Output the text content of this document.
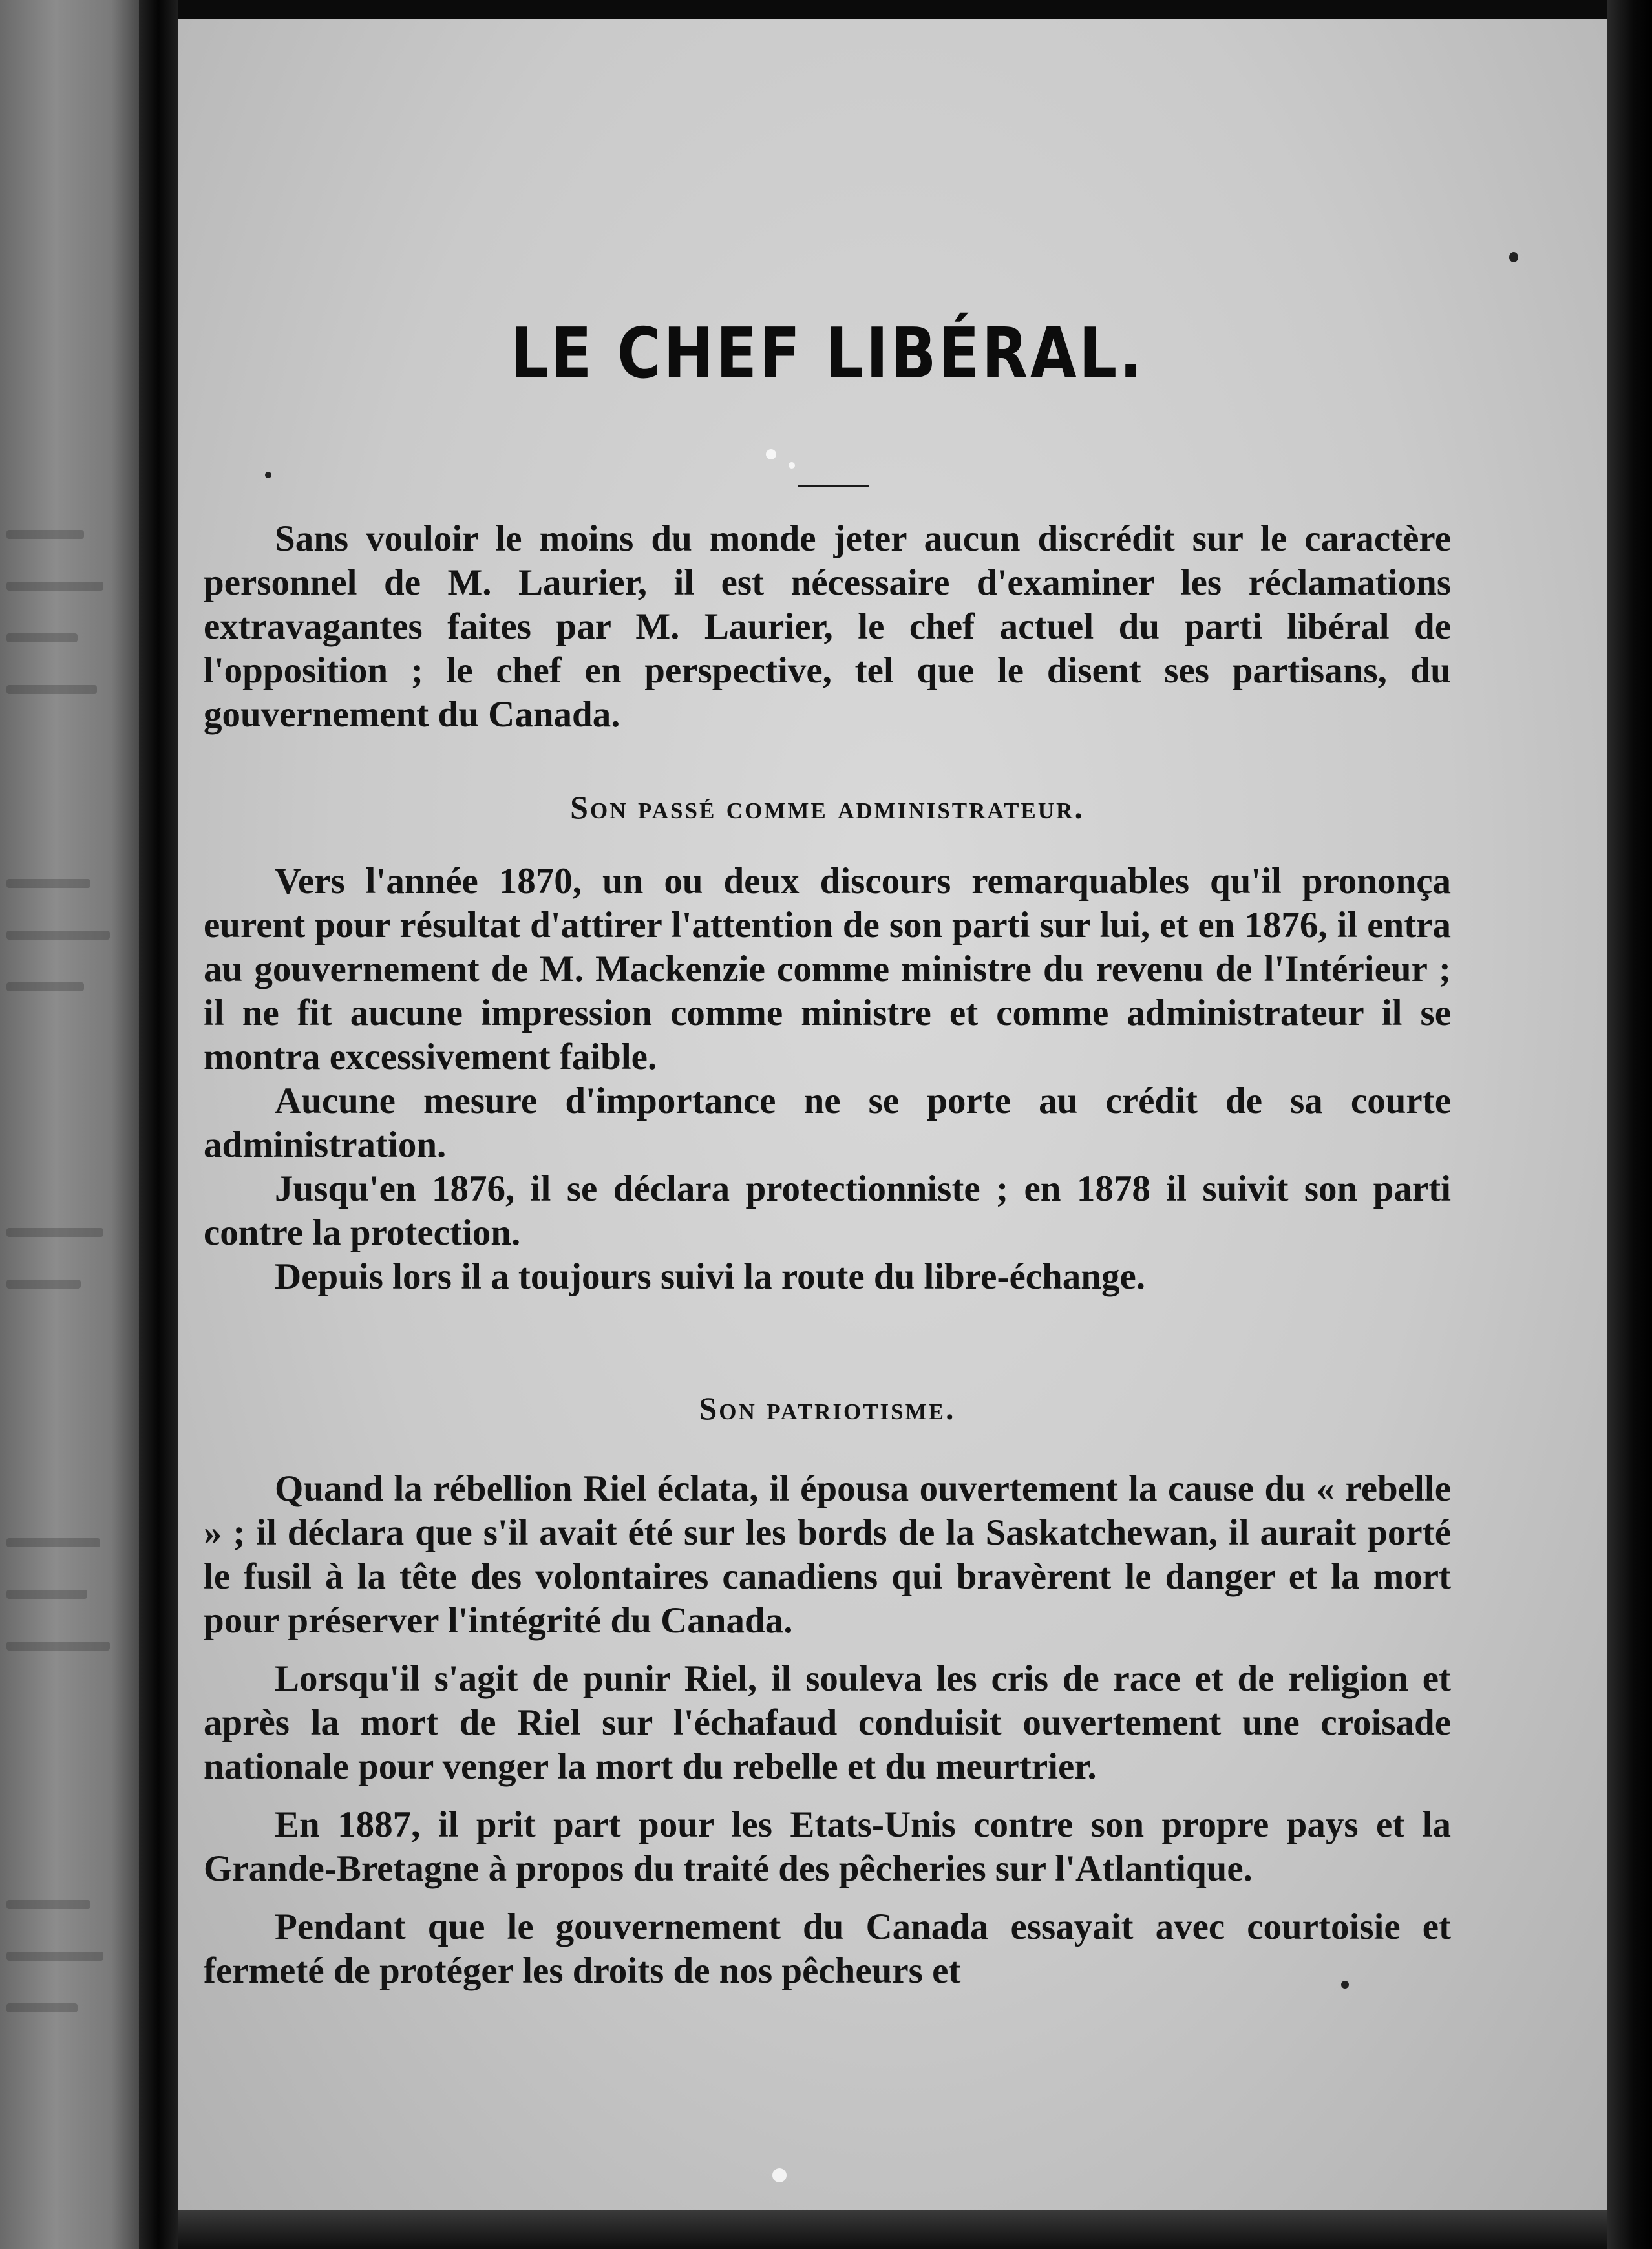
LE CHEF LIBÉRAL.

Sans vouloir le moins du monde jeter aucun discrédit sur le caractère personnel de M. Laurier, il est nécessaire d'examiner les réclamations extravagantes faites par M. Laurier, le chef actuel du parti libéral de l'opposition ; le chef en perspective, tel que le disent ses partisans, du gouvernement du Canada.

Son passé comme administrateur.

Vers l'année 1870, un ou deux discours remarquables qu'il prononça eurent pour résultat d'attirer l'attention de son parti sur lui, et en 1876, il entra au gouvernement de M. Mackenzie comme ministre du revenu de l'Intérieur ; il ne fit aucune impression comme ministre et comme administrateur il se montra excessivement faible.

Aucune mesure d'importance ne se porte au crédit de sa courte administration.

Jusqu'en 1876, il se déclara protectionniste ; en 1878 il suivit son parti contre la protection.

Depuis lors il a toujours suivi la route du libre-échange.

Son patriotisme.

Quand la rébellion Riel éclata, il épousa ouvertement la cause du « rebelle » ; il déclara que s'il avait été sur les bords de la Saskatchewan, il aurait porté le fusil à la tête des volontaires canadiens qui bravèrent le danger et la mort pour préserver l'intégrité du Canada.

Lorsqu'il s'agit de punir Riel, il souleva les cris de race et de religion et après la mort de Riel sur l'échafaud conduisit ouvertement une croisade nationale pour venger la mort du rebelle et du meurtrier.

En 1887, il prit part pour les Etats-Unis contre son propre pays et la Grande-Bretagne à propos du traité des pêcheries sur l'Atlantique.

Pendant que le gouvernement du Canada essayait avec courtoisie et fermeté de protéger les droits de nos pêcheurs et
